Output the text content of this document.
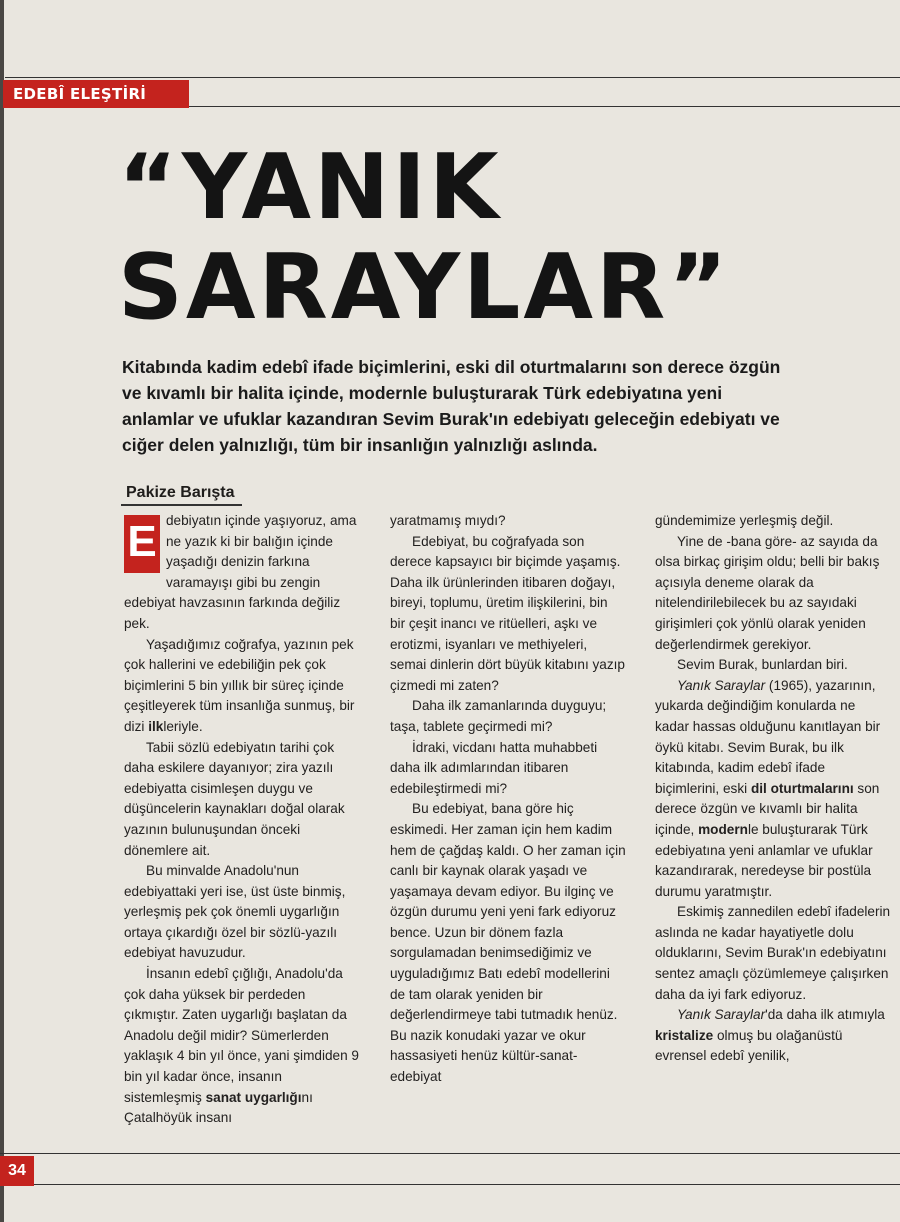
EDEBÎ ELEŞTİRİ
“YANIK
SARAYLAR”

Kitabında kadim edebî ifade biçimlerini, eski dil oturtmalarını son derece özgün ve kıvamlı bir halita içinde, modernle buluşturarak Türk edebiyatına yeni anlamlar ve ufuklar kazandıran Sevim Burak'ın edebiyatı geleceğin edebiyatı ve ciğer delen yalnızlığı, tüm bir insanlığın yalnızlığı aslında.

Pakize Barışta

E debiyatın içinde yaşıyoruz, ama ne yazık ki bir balığın içinde yaşadığı denizin farkına varamayışı gibi bu zengin edebiyat havzasının farkında değiliz pek.

Yaşadığımız coğrafya, yazının pek çok hallerini ve edebiliğin pek çok biçimlerini 5 bin yıllık bir süreç içinde çeşitleyerek tüm insanlığa sunmuş, bir dizi ilkleriyle.

Tabii sözlü edebiyatın tarihi çok daha eskilere dayanıyor; zira yazılı edebiyatta cisimleşen duygu ve düşüncelerin kaynakları doğal olarak yazının bulunuşundan önceki dönemlere ait.

Bu minvalde Anadolu'nun edebiyattaki yeri ise, üst üste binmiş, yerleşmiş pek çok önemli uygarlığın ortaya çıkardığı özel bir sözlü-yazılı edebiyat havuzudur.

İnsanın edebî çığlığı, Anadolu'da çok daha yüksek bir perdeden çıkmıştır. Zaten uygarlığı başlatan da Anadolu değil midir? Sümerlerden yaklaşık 4 bin yıl önce, yani şimdiden 9 bin yıl kadar önce, insanın sistemleşmiş sanat uygarlığını Çatalhöyük insanı

yaratmamış mıydı?

Edebiyat, bu coğrafyada son derece kapsayıcı bir biçimde yaşamış. Daha ilk ürünlerinden itibaren doğayı, bireyi, toplumu, üretim ilişkilerini, bin bir çeşit inancı ve ritüelleri, aşkı ve erotizmi, isyanları ve methiyeleri, semai dinlerin dört büyük kitabını yazıp çizmedi mi zaten?

Daha ilk zamanlarında duyguyu; taşa, tablete geçirmedi mi?

İdraki, vicdanı hatta muhabbeti daha ilk adımlarından itibaren edebileştirmedi mi?

Bu edebiyat, bana göre hiç eskimedi. Her zaman için hem kadim hem de çağdaş kaldı. O her zaman için canlı bir kaynak olarak yaşadı ve yaşamaya devam ediyor. Bu ilginç ve özgün durumu yeni yeni fark ediyoruz bence. Uzun bir dönem fazla sorgulamadan benimsediğimiz ve uyguladığımız Batı edebî modellerini de tam olarak yeniden bir değerlendirmeye tabi tutmadık henüz. Bu nazik konudaki yazar ve okur hassasiyeti henüz kültür-sanat-edebiyat

gündemimize yerleşmiş değil.

Yine de -bana göre- az sayıda da olsa birkaç girişim oldu; belli bir bakış açısıyla deneme olarak da nitelendirilebilecek bu az sayıdaki girişimleri çok yönlü olarak yeniden değerlendirmek gerekiyor.

Sevim Burak, bunlardan biri.

Yanık Saraylar (1965), yazarının, yukarda değindiğim konularda ne kadar hassas olduğunu kanıtlayan bir öykü kitabı. Sevim Burak, bu ilk kitabında, kadim edebî ifade biçimlerini, eski dil oturtmalarını son derece özgün ve kıvamlı bir halita içinde, modernle buluşturarak Türk edebiyatına yeni anlamlar ve ufuklar kazandırarak, neredeyse bir postüla durumu yaratmıştır.

Eskimiş zannedilen edebî ifadelerin aslında ne kadar hayatiyetle dolu olduklarını, Sevim Burak'ın edebiyatını sentez amaçlı çözümlemeye çalışırken daha da iyi fark ediyoruz.

Yanık Saraylar'da daha ilk atımıyla kristalize olmuş bu olağanüstü evrensel edebî yenilik,

34
